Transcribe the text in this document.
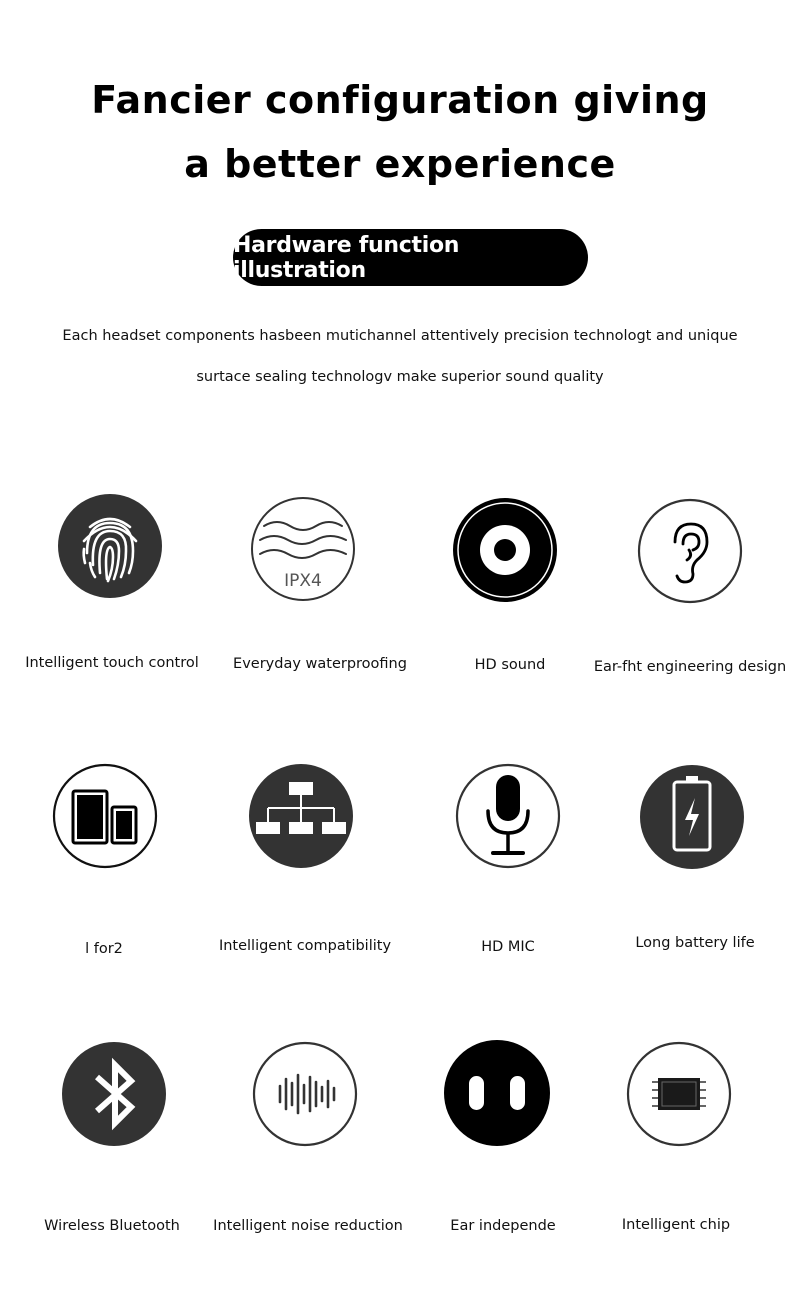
Fancier configuration giving
a better experience
Hardware function illustration
Each headset components hasbeen mutichannel attentively precision technologt and unique
surtace sealing technologv make superior sound quality
IPX4
Intelligent touch control	Everyday waterproofing	HD sound	Ear-fht engineering design
l for2	Intelligent compatibility	HD MIC	Long battery life
Wireless Bluetooth	Intelligent noise reduction	Ear independe	Intelligent chip
